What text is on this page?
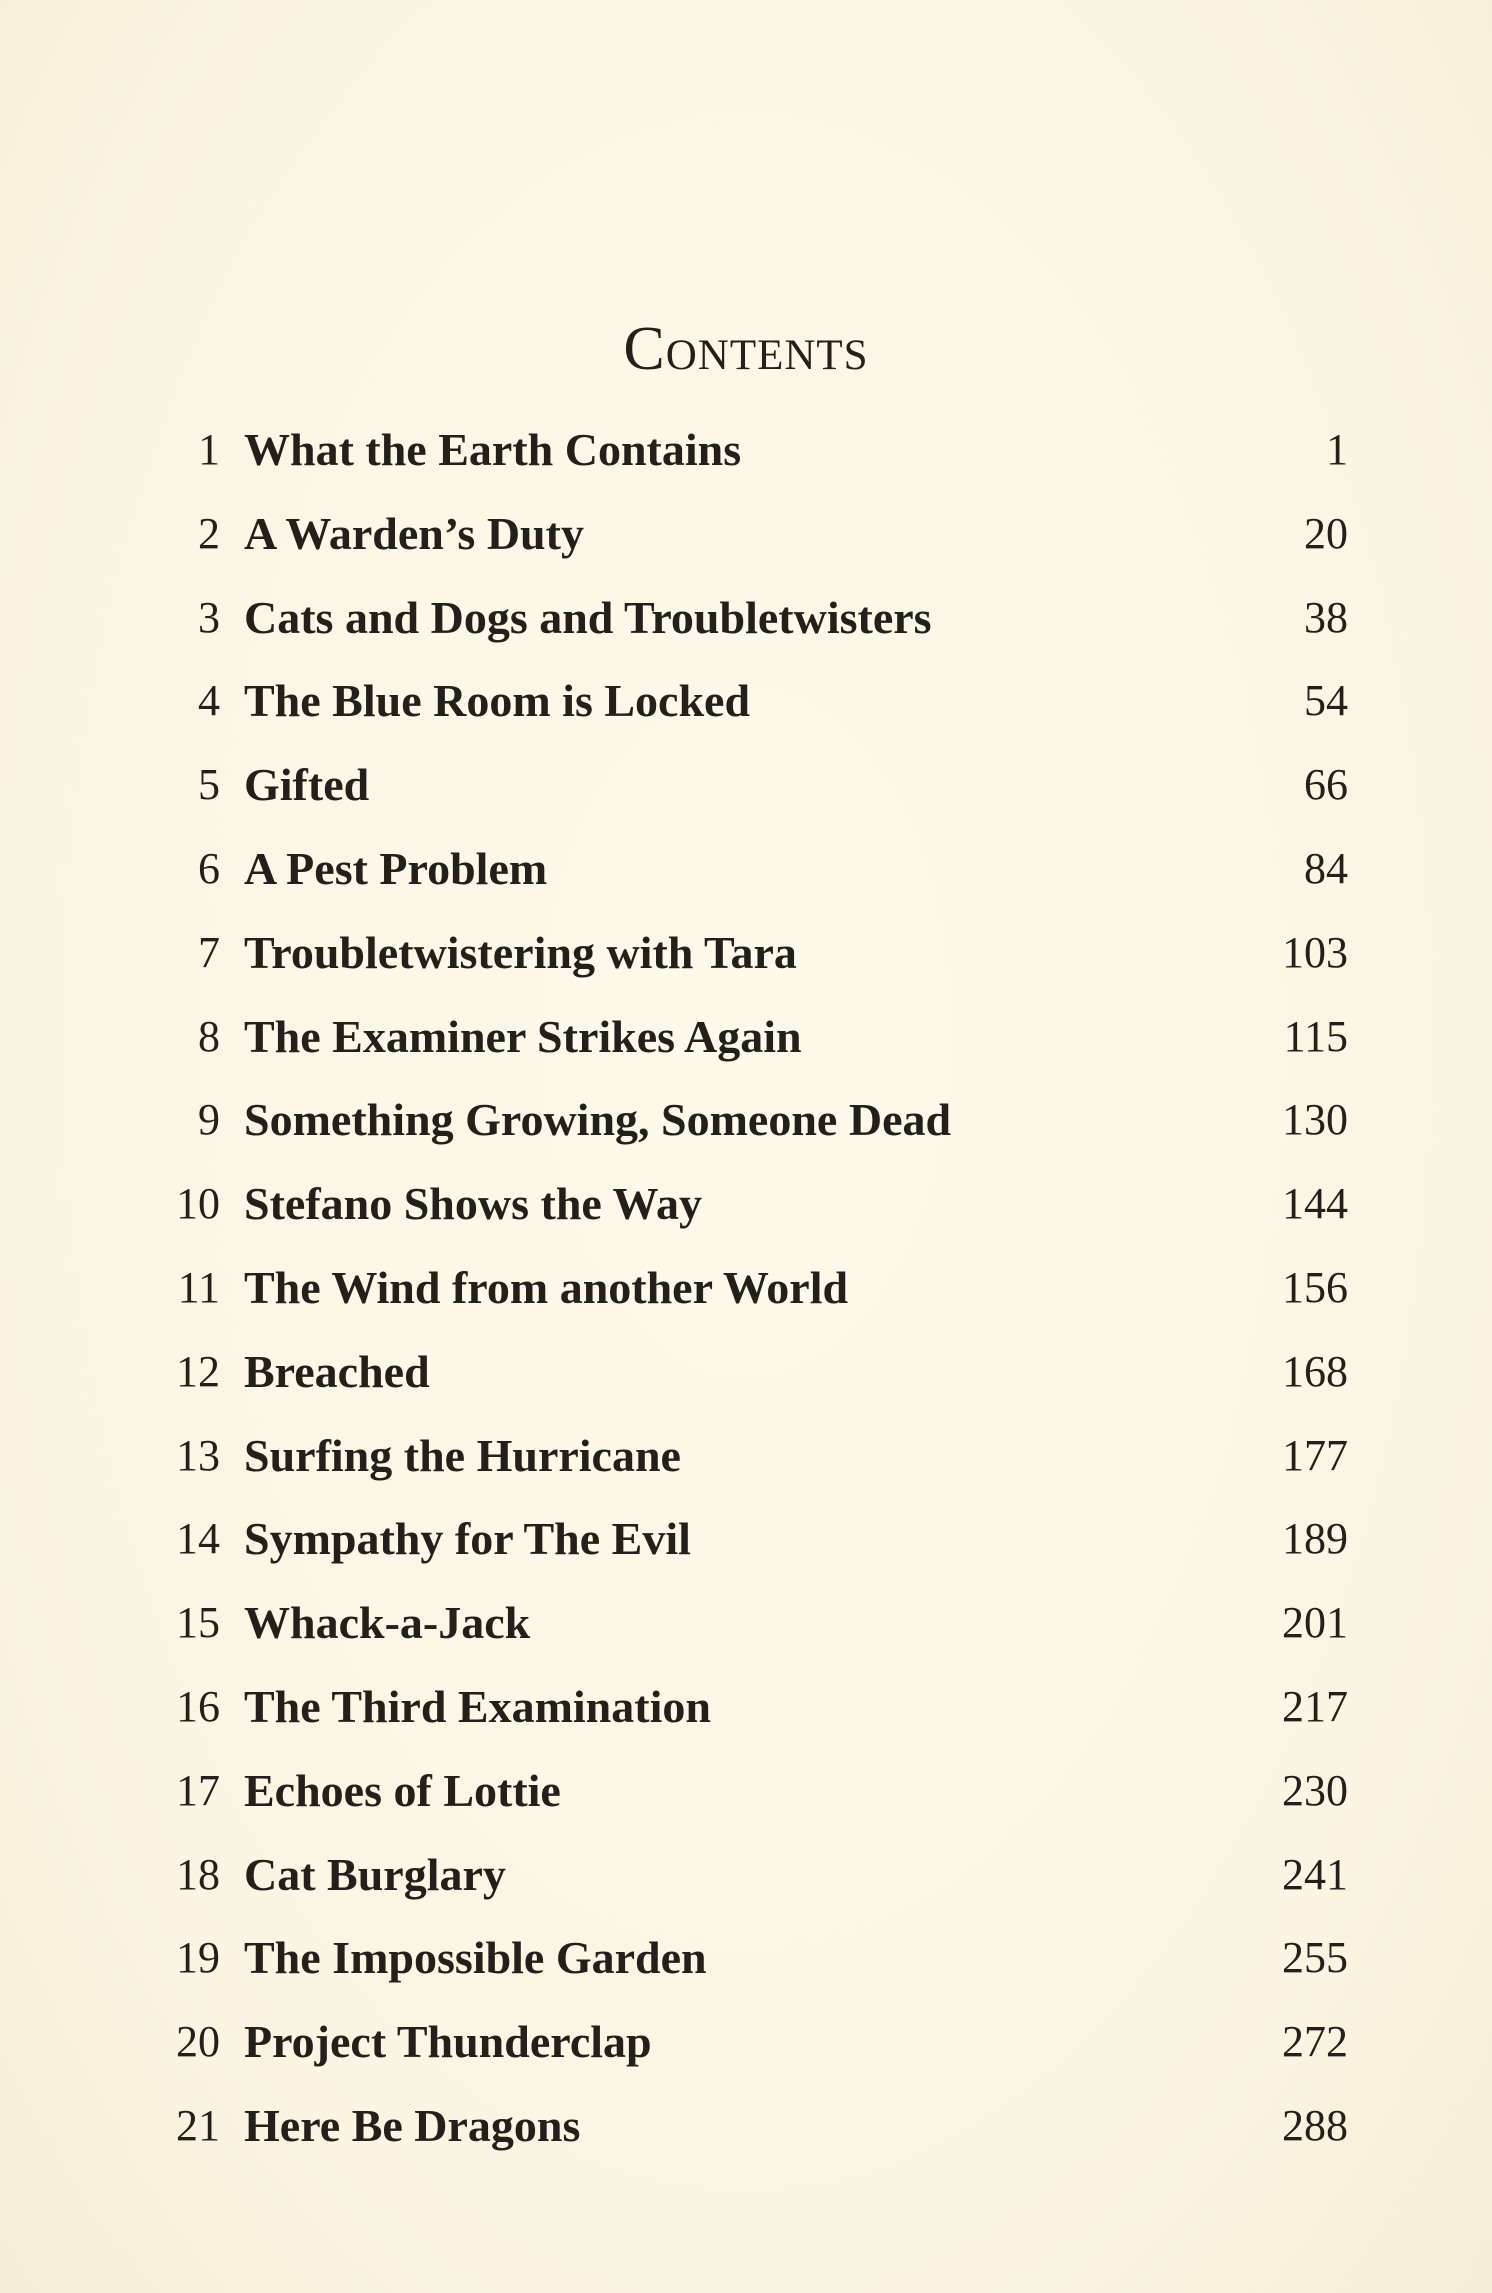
Contents
1 What the Earth Contains	1
2 A Warden’s Duty	20
3 Cats and Dogs and Troubletwisters	38
4 The Blue Room is Locked	54
5 Gifted	66
6 A Pest Problem	84
7 Troubletwistering with Tara	103
8 The Examiner Strikes Again	115
9 Something Growing, Someone Dead	130
10 Stefano Shows the Way	144
11 The Wind from another World	156
12 Breached	168
13 Surfing the Hurricane	177
14 Sympathy for The Evil	189
15 Whack-a-Jack	201
16 The Third Examination	217
17 Echoes of Lottie	230
18 Cat Burglary	241
19 The Impossible Garden	255
20 Project Thunderclap	272
21 Here Be Dragons	288
